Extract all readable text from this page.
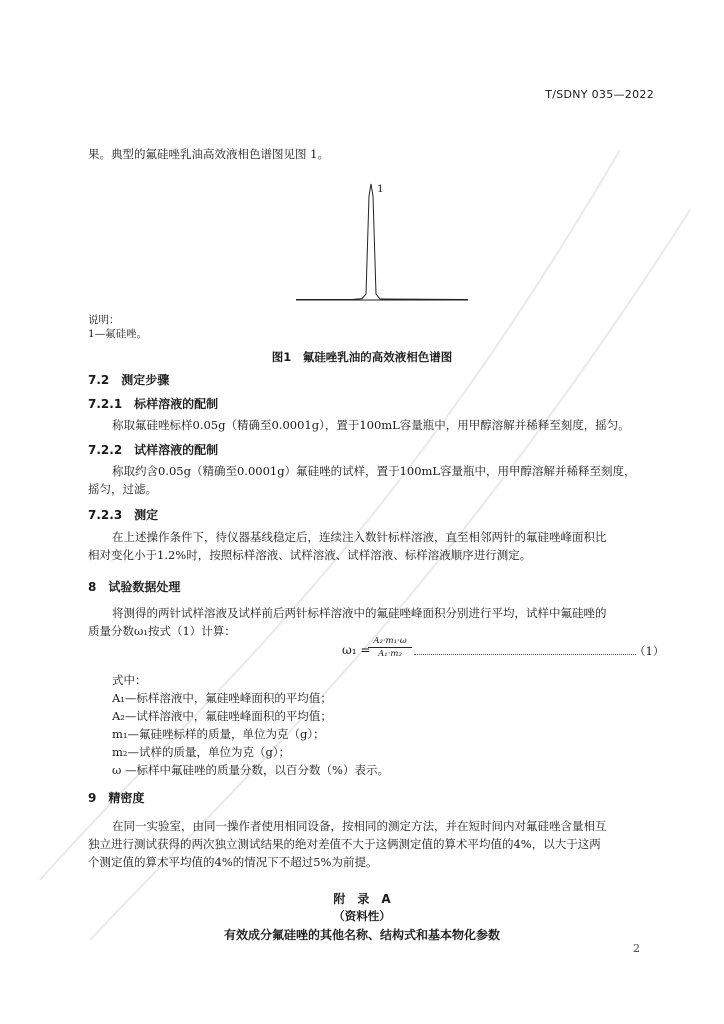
T/SDNY 035—2022
果。典型的氟硅唑乳油高效液相色谱图见图 1。
1
说明：
1—氟硅唑。
图1　氟硅唑乳油的高效液相色谱图
7.2　测定步骤
7.2.1　标样溶液的配制
称取氟硅唑标样0.05g（精确至0.0001g），置于100mL容量瓶中，用甲醇溶解并稀释至刻度，摇匀。
7.2.2　试样溶液的配制
称取约含0.05g（精确至0.0001g）氟硅唑的试样，置于100mL容量瓶中，用甲醇溶解并稀释至刻度，
摇匀，过滤。
7.2.3　测定
在上述操作条件下，待仪器基线稳定后，连续注入数针标样溶液，直至相邻两针的氟硅唑峰面积比
相对变化小于1.2%时，按照标样溶液、试样溶液、试样溶液、标样溶液顺序进行测定。
8　试验数据处理
将测得的两针试样溶液及试样前后两针标样溶液中的氟硅唑峰面积分别进行平均，试样中氟硅唑的
质量分数ω₁按式（1）计算：
ω₁ =
A₂·m₁·ω
A₁·m₂	（1）
式中：
A₁—标样溶液中，氟硅唑峰面积的平均值；
A₂—试样溶液中，氟硅唑峰面积的平均值；
m₁—氟硅唑标样的质量，单位为克（g）；
m₂—试样的质量，单位为克（g）；
ω —标样中氟硅唑的质量分数，以百分数（%）表示。
9　精密度
在同一实验室，由同一操作者使用相同设备，按相同的测定方法，并在短时间内对氟硅唑含量相互
独立进行测试获得的两次独立测试结果的绝对差值不大于这俩测定值的算术平均值的4%，以大于这两
个测定值的算术平均值的4%的情况下不超过5%为前提。
附　录　A
（资料性）
有效成分氟硅唑的其他名称、结构式和基本物化参数
2
